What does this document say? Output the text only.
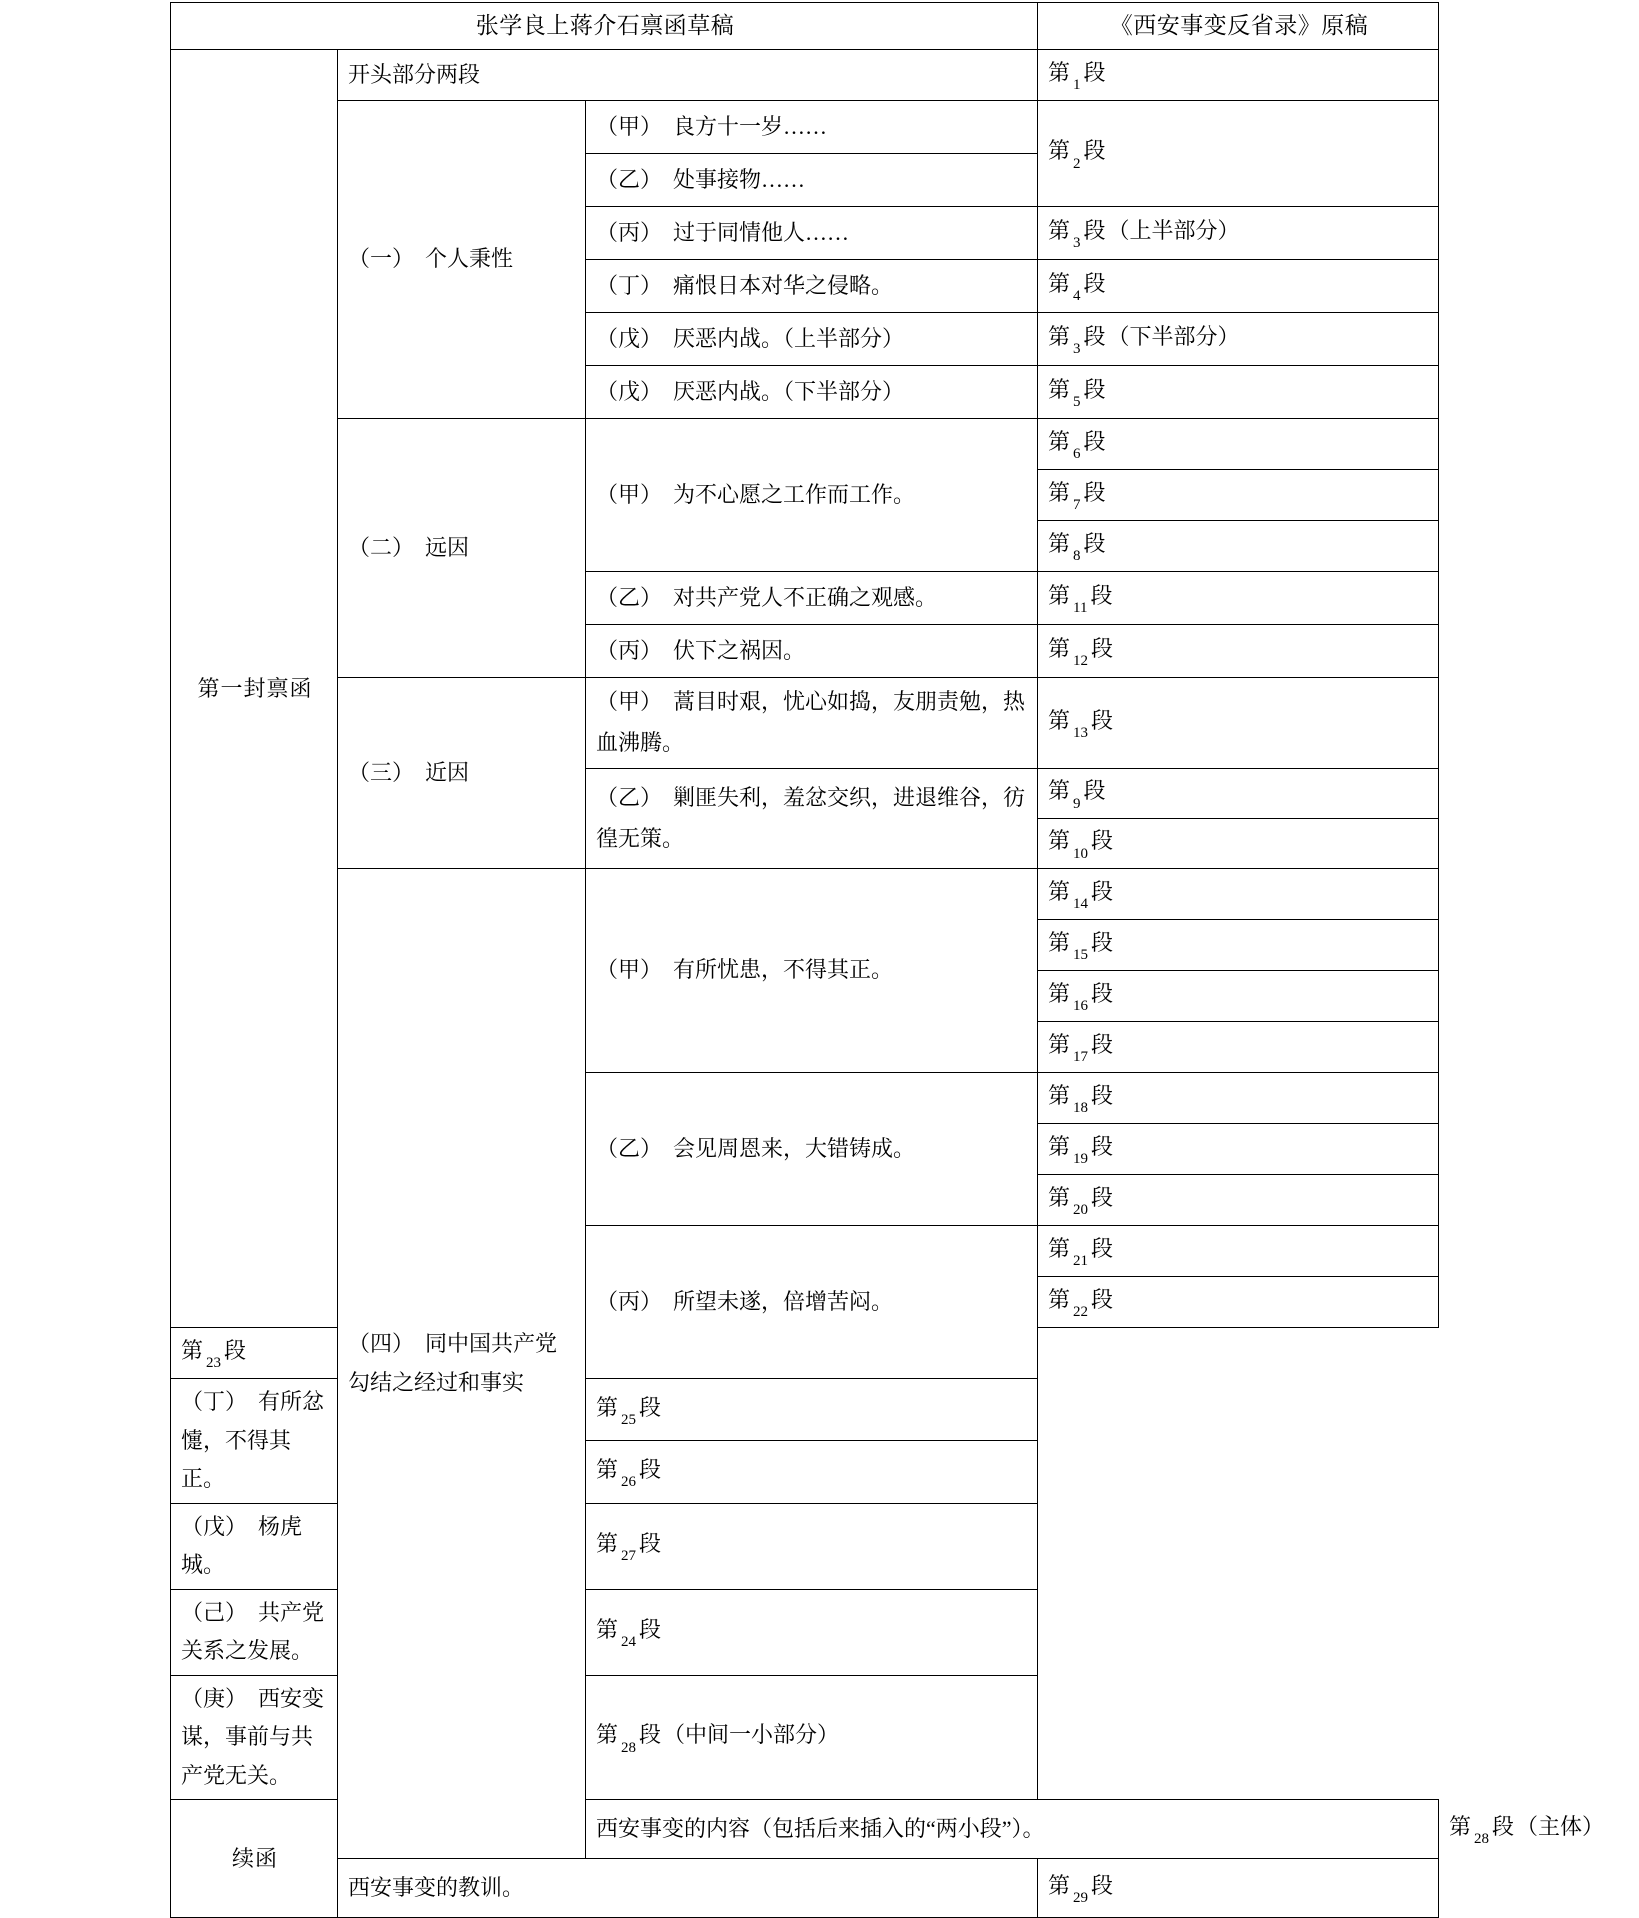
张学良上蒋介石禀函草稿			《西安事变反省录》原稿	
第一封禀函	开头部分两段		第$_1$段	
	（一）　个人秉性	（甲）　良方十一岁……	第$_2$段	
		（乙）　处事接物……		
		（丙）　过于同情他人……	第$_3$段（上半部分）	
		（丁）　痛恨日本对华之侵略。	第$_4$段	
		（戊）　厌恶内战。（上半部分）	第$_3$段（下半部分）	
		（戊）　厌恶内战。（下半部分）	第$_5$段	
	（二）　远因	（甲）　为不心愿之工作而工作。	第$_6$段	
			第$_7$段	
			第$_8$段	
		（乙）　对共产党人不正确之观感。	第$_{11}$段	
		（丙）　伏下之祸因。	第$_{12}$段	
	（三）　近因	（甲）　蒿目时艰，忧心如捣，友朋责勉，热血沸腾。	第$_{13}$段	
		（乙）　剿匪失利，羞忿交织，进退维谷，彷徨无策。	第$_9$段	
			第$_{10}$段	
	（四）　同中国共产党勾结之经过和事实	（甲）　有所忧患，不得其正。	第$_{14}$段	
			第$_{15}$段	
			第$_{16}$段	
			第$_{17}$段	
		（乙）　会见周恩来，大错铸成。	第$_{18}$段	
			第$_{19}$段	
			第$_{20}$段	
		（丙）　所望未遂，倍增苦闷。	第$_{21}$段	
			第$_{22}$段	
第$_{23}$段				
（丁）　有所忿懥，不得其正。		第$_{25}$段		
		第$_{26}$段		
（戊）　杨虎城。		第$_{27}$段		
（己）　共产党关系之发展。		第$_{24}$段		
（庚）　西安变谋，事前与共产党无关。		第$_{28}$段（中间一小部分）		
续函		西安事变的内容（包括后来插入的“两小段”）。		第$_{28}$段（主体）
	西安事变的教训。		第$_{29}$段	
